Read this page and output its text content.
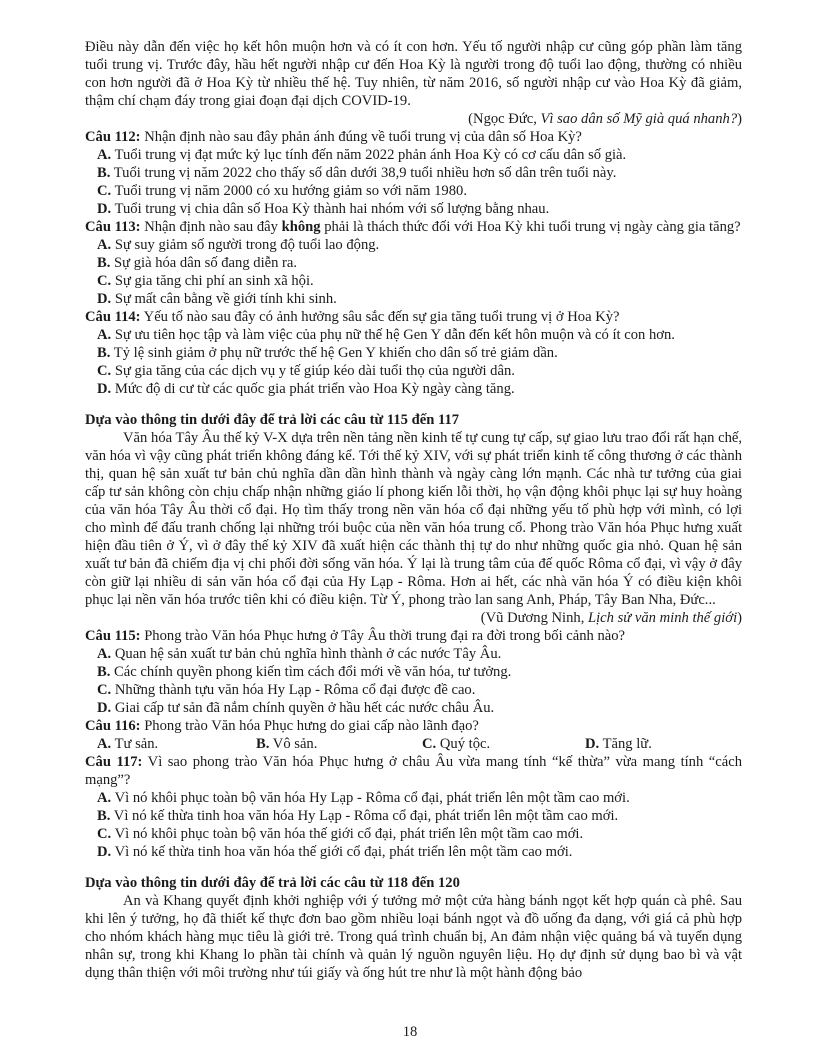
Điều này dẫn đến việc họ kết hôn muộn hơn và có ít con hơn. Yếu tố người nhập cư cũng góp phần làm tăng tuổi trung vị. Trước đây, hầu hết người nhập cư đến Hoa Kỳ là người trong độ tuổi lao động, thường có nhiều con hơn người đã ở Hoa Kỳ từ nhiều thế hệ. Tuy nhiên, từ năm 2016, số người nhập cư vào Hoa Kỳ đã giảm, thậm chí chạm đáy trong giai đoạn đại dịch COVID-19.

(Ngọc Đức, Vì sao dân số Mỹ già quá nhanh?)

Câu 112: Nhận định nào sau đây phản ánh đúng về tuổi trung vị của dân số Hoa Kỳ?

A. Tuổi trung vị đạt mức kỷ lục tính đến năm 2022 phản ánh Hoa Kỳ có cơ cấu dân số già.

B. Tuổi trung vị năm 2022 cho thấy số dân dưới 38,9 tuổi nhiều hơn số dân trên tuổi này.

C. Tuổi trung vị năm 2000 có xu hướng giảm so với năm 1980.

D. Tuổi trung vị chia dân số Hoa Kỳ thành hai nhóm với số lượng bằng nhau.

Câu 113: Nhận định nào sau đây không phải là thách thức đối với Hoa Kỳ khi tuổi trung vị ngày càng gia tăng?

A. Sự suy giảm số người trong độ tuổi lao động.

B. Sự già hóa dân số đang diễn ra.

C. Sự gia tăng chi phí an sinh xã hội.

D. Sự mất cân bằng về giới tính khi sinh.

Câu 114: Yếu tố nào sau đây có ảnh hưởng sâu sắc đến sự gia tăng tuổi trung vị ở Hoa Kỳ?

A. Sự ưu tiên học tập và làm việc của phụ nữ thế hệ Gen Y dẫn đến kết hôn muộn và có ít con hơn.

B. Tỷ lệ sinh giảm ở phụ nữ trước thế hệ Gen Y khiến cho dân số trẻ giảm dần.

C. Sự gia tăng của các dịch vụ y tế giúp kéo dài tuổi thọ của người dân.

D. Mức độ di cư từ các quốc gia phát triển vào Hoa Kỳ ngày càng tăng.

Dựa vào thông tin dưới đây để trả lời các câu từ 115 đến 117

Văn hóa Tây Âu thế kỷ V-X dựa trên nền tảng nền kinh tế tự cung tự cấp, sự giao lưu trao đổi rất hạn chế, văn hóa vì vậy cũng phát triển không đáng kể. Tới thế kỷ XIV, với sự phát triển kinh tế công thương ở các thành thị, quan hệ sản xuất tư bản chủ nghĩa dần dần hình thành và ngày càng lớn mạnh. Các nhà tư tưởng của giai cấp tư sản không còn chịu chấp nhận những giáo lí phong kiến lỗi thời, họ vận động khôi phục lại sự huy hoàng của văn hóa Tây Âu thời cổ đại. Họ tìm thấy trong nền văn hóa cổ đại những yếu tố phù hợp với mình, có lợi cho mình để đấu tranh chống lại những trói buộc của nền văn hóa trung cổ. Phong trào Văn hóa Phục hưng xuất hiện đầu tiên ở Ý, vì ở đây thế kỷ XIV đã xuất hiện các thành thị tự do như những quốc gia nhỏ. Quan hệ sản xuất tư bản đã chiếm địa vị chi phối đời sống văn hóa. Ý lại là trung tâm của đế quốc Rôma cổ đại, vì vậy ở đây còn giữ lại nhiều di sản văn hóa cổ đại của Hy Lạp - Rôma. Hơn ai hết, các nhà văn hóa Ý có điều kiện khôi phục lại nền văn hóa trước tiên khi có điều kiện. Từ Ý, phong trào lan sang Anh, Pháp, Tây Ban Nha, Đức...

(Vũ Dương Ninh, Lịch sử văn minh thế giới)

Câu 115: Phong trào Văn hóa Phục hưng ở Tây Âu thời trung đại ra đời trong bối cảnh nào?

A. Quan hệ sản xuất tư bản chủ nghĩa hình thành ở các nước Tây Âu.

B. Các chính quyền phong kiến tìm cách đổi mới về văn hóa, tư tưởng.

C. Những thành tựu văn hóa Hy Lạp - Rôma cổ đại được đề cao.

D. Giai cấp tư sản đã nắm chính quyền ở hầu hết các nước châu Âu.

Câu 116: Phong trào Văn hóa Phục hưng do giai cấp nào lãnh đạo?

A. Tư sản.	B. Vô sản.	C. Quý tộc.	D. Tăng lữ.

Câu 117: Vì sao phong trào Văn hóa Phục hưng ở châu Âu vừa mang tính “kế thừa” vừa mang tính “cách mạng”?

A. Vì nó khôi phục toàn bộ văn hóa Hy Lạp - Rôma cổ đại, phát triển lên một tầm cao mới.

B. Vì nó kế thừa tinh hoa văn hóa Hy Lạp - Rôma cổ đại, phát triển lên một tầm cao mới.

C. Vì nó khôi phục toàn bộ văn hóa thế giới cổ đại, phát triển lên một tầm cao mới.

D. Vì nó kế thừa tinh hoa văn hóa thế giới cổ đại, phát triển lên một tầm cao mới.

Dựa vào thông tin dưới đây để trả lời các câu từ 118 đến 120

An và Khang quyết định khởi nghiệp với ý tưởng mở một cửa hàng bánh ngọt kết hợp quán cà phê. Sau khi lên ý tưởng, họ đã thiết kế thực đơn bao gồm nhiều loại bánh ngọt và đồ uống đa dạng, với giá cả phù hợp cho nhóm khách hàng mục tiêu là giới trẻ. Trong quá trình chuẩn bị, An đảm nhận việc quảng bá và tuyển dụng nhân sự, trong khi Khang lo phần tài chính và quản lý nguồn nguyên liệu. Họ dự định sử dụng bao bì và vật dụng thân thiện với môi trường như túi giấy và ống hút tre như là một hành động bảo

18
